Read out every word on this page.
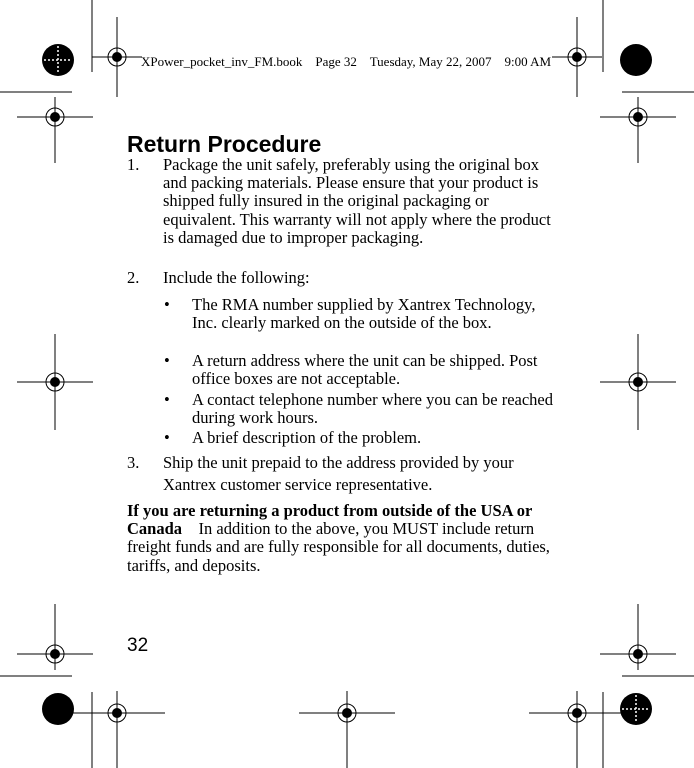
XPower_pocket_inv_FM.book    Page 32    Tuesday, May 22, 2007    9:00 AM
Return Procedure
1. Package the unit safely, preferably using the original box and packing materials. Please ensure that your product is shipped fully insured in the original packaging or equivalent. This warranty will not apply where the product is damaged due to improper packaging.
2. Include the following:
• The RMA number supplied by Xantrex Technology, Inc. clearly marked on the outside of the box.
• A return address where the unit can be shipped. Post office boxes are not acceptable.
• A contact telephone number where you can be reached during work hours.
• A brief description of the problem.
3. Ship the unit prepaid to the address provided by your Xantrex customer service representative.
If you are returning a product from outside of the USA or Canada In addition to the above, you MUST include return freight funds and are fully responsible for all documents, duties, tariffs, and deposits.
32
